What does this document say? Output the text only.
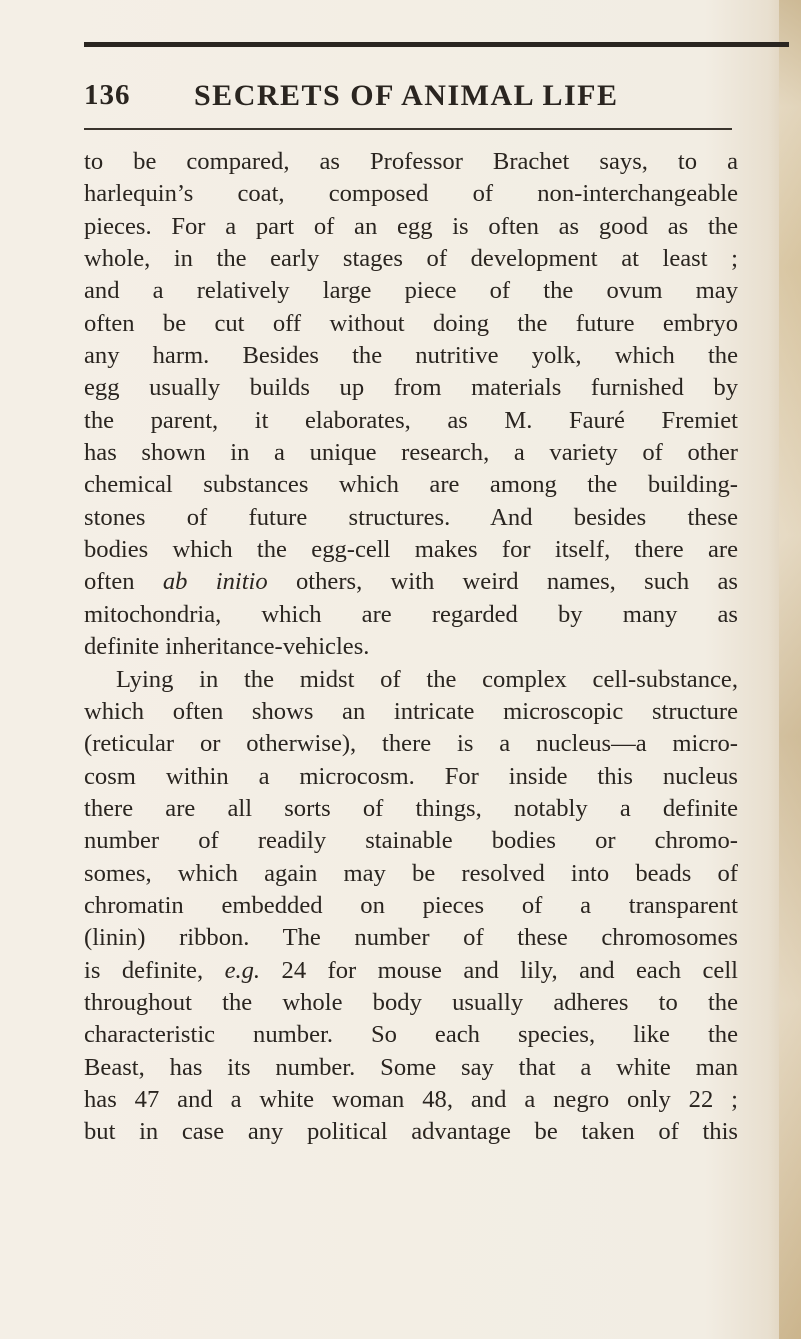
136 SECRETS OF ANIMAL LIFE
to be compared, as Professor Brachet says, to a
harlequin’s coat, composed of non-interchangeable
pieces. For a part of an egg is often as good as the
whole, in the early stages of development at least ;
and a relatively large piece of the ovum may
often be cut off without doing the future embryo
any harm. Besides the nutritive yolk, which the
egg usually builds up from materials furnished by
the parent, it elaborates, as M. Fauré Fremiet
has shown in a unique research, a variety of other
chemical substances which are among the building-
stones of future structures. And besides these
bodies which the egg-cell makes for itself, there are
often ab initio others, with weird names, such as
mitochondria, which are regarded by many as
definite inheritance-vehicles.
Lying in the midst of the complex cell-substance,
which often shows an intricate microscopic structure
(reticular or otherwise), there is a nucleus—a micro-
cosm within a microcosm. For inside this nucleus
there are all sorts of things, notably a definite
number of readily stainable bodies or chromo-
somes, which again may be resolved into beads of
chromatin embedded on pieces of a transparent
(linin) ribbon. The number of these chromosomes
is definite, e.g. 24 for mouse and lily, and each cell
throughout the whole body usually adheres to the
characteristic number. So each species, like the
Beast, has its number. Some say that a white man
has 47 and a white woman 48, and a negro only 22 ;
but in case any political advantage be taken of this
